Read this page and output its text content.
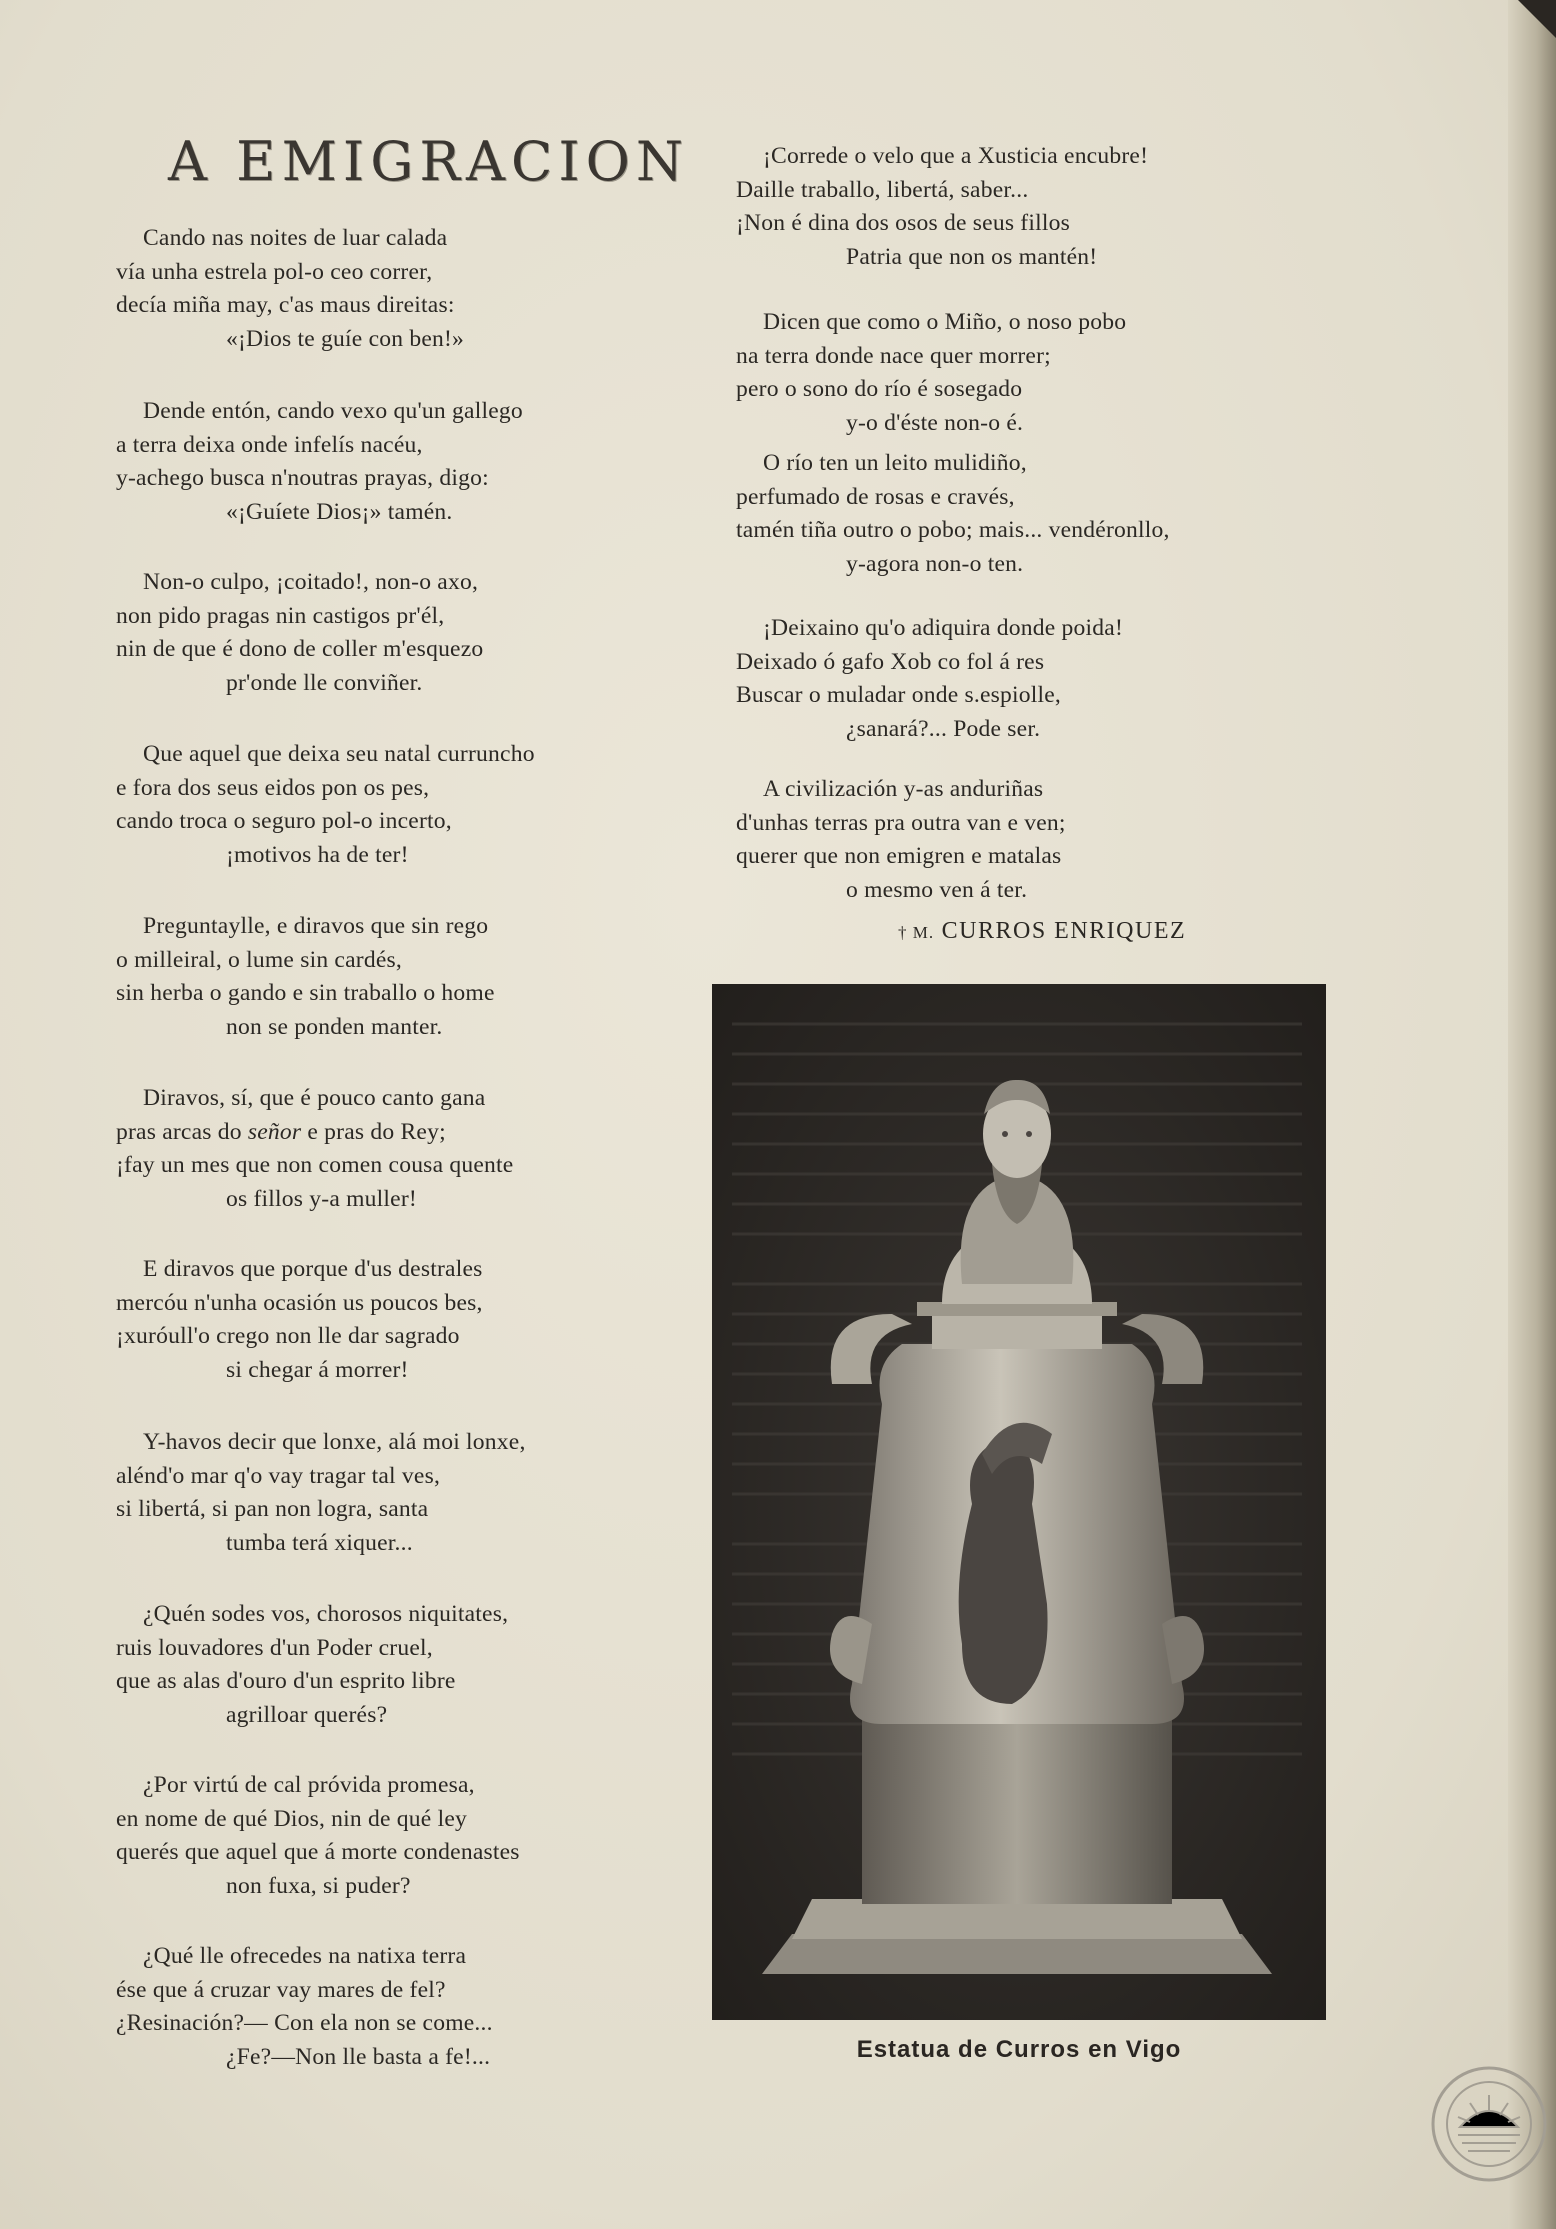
A EMIGRACION
Cando nas noites de luar calada
vía unha estrela pol-o ceo correr,
decía miña may, c'as maus direitas:
«¡Dios te guíe con ben!»
Dende entón, cando vexo qu'un gallego
a terra deixa onde infelís nacéu,
y-achego busca n'noutras prayas, digo:
«¡Guíete Dios¡» tamén.
Non-o culpo, ¡coitado!, non-o axo,
non pido pragas nin castigos pr'él,
nin de que é dono de coller m'esquezo
pr'onde lle conviñer.
Que aquel que deixa seu natal curruncho
e fora dos seus eidos pon os pes,
cando troca o seguro pol-o incerto,
¡motivos ha de ter!
Preguntaylle, e diravos que sin rego
o milleiral, o lume sin cardés,
sin herba o gando e sin traballo o home
non se ponden manter.
Diravos, sí, que é pouco canto gana
pras arcas do señor e pras do Rey;
¡fay un mes que non comen cousa quente
os fillos y-a muller!
E diravos que porque d'us destrales
mercóu n'unha ocasión us poucos bes,
¡xuróull'o crego non lle dar sagrado
si chegar á morrer!
Y-havos decir que lonxe, alá moi lonxe,
alénd'o mar q'o vay tragar tal ves,
si libertá, si pan non logra, santa
tumba terá xiquer...
¿Quén sodes vos, chorosos niquitates,
ruis louvadores d'un Poder cruel,
que as alas d'ouro d'un esprito libre
agrilloar querés?
¿Por virtú de cal próvida promesa,
en nome de qué Dios, nin de qué ley
querés que aquel que á morte condenastes
non fuxa, si puder?
¿Qué lle ofrecedes na natixa terra
ése que á cruzar vay mares de fel?
¿Resinación?— Con ela non se come...
¿Fe?—Non lle basta a fe!...
¡Correde o velo que a Xusticia encubre!
Daille traballo, libertá, saber...
¡Non é dina dos osos de seus fillos
Patria que non os mantén!
Dicen que como o Miño, o noso pobo
na terra donde nace quer morrer;
pero o sono do río é sosegado
y-o d'éste non-o é.
O río ten un leito mulidiño,
perfumado de rosas e cravés,
tamén tiña outro o pobo; mais... vendéronllo,
y-agora non-o ten.
¡Deixaino qu'o adiquira donde poida!
Deixado ó gafo Xob co fol á res
Buscar o muladar onde s.espiolle,
¿sanará?... Pode ser.
A civilización y-as anduriñas
d'unhas terras pra outra van e ven;
querer que non emigren e matalas
o mesmo ven á ter.
† M. CURROS ENRIQUEZ
Estatua de Curros en Vigo
